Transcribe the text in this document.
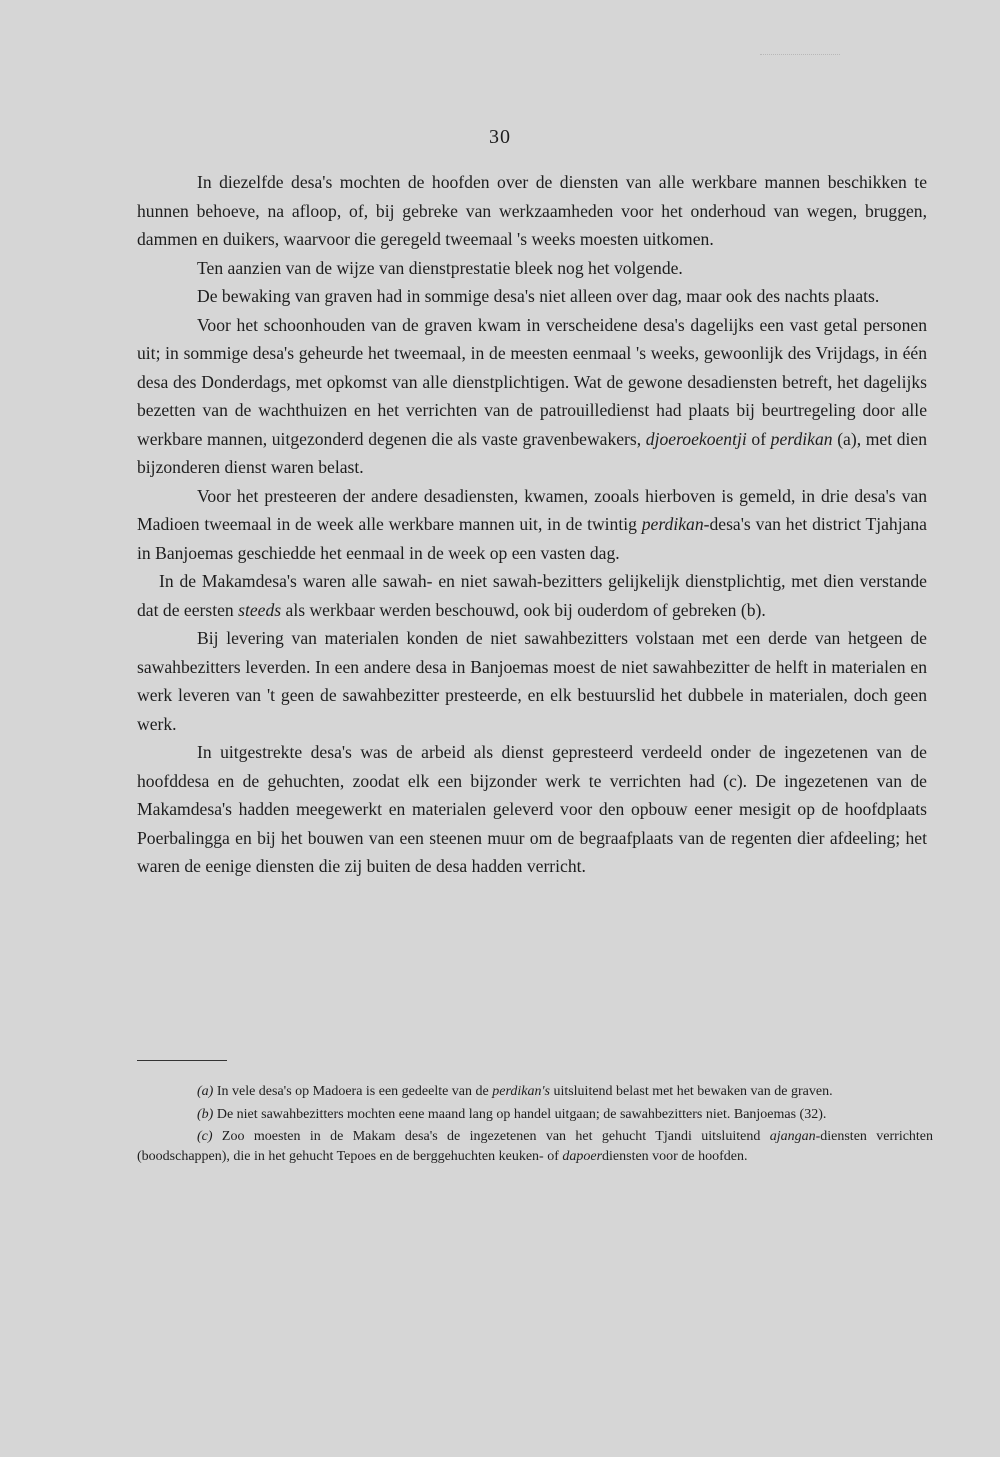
30

In diezelfde desa's mochten de hoofden over de diensten van alle werkbare mannen beschikken te hunnen behoeve, na afloop, of, bij gebreke van werkzaamheden voor het onderhoud van wegen, bruggen, dammen en duikers, waarvoor die geregeld tweemaal 's weeks moesten uitkomen.

Ten aanzien van de wijze van dienstprestatie bleek nog het volgende.

De bewaking van graven had in sommige desa's niet alleen over dag, maar ook des nachts plaats.

Voor het schoonhouden van de graven kwam in verscheidene desa's dagelijks een vast getal personen uit; in sommige desa's geheurde het tweemaal, in de meesten eenmaal 's weeks, gewoonlijk des Vrijdags, in één desa des Donderdags, met opkomst van alle dienstplichtigen. Wat de gewone desadiensten betreft, het dagelijks bezetten van de wachthuizen en het verrichten van de patrouilledienst had plaats bij beurtregeling door alle werkbare mannen, uitgezonderd degenen die als vaste gravenbewakers, djoeroekoentji of perdikan (a), met dien bijzonderen dienst waren belast.

Voor het presteeren der andere desadiensten, kwamen, zooals hierboven is gemeld, in drie desa's van Madioen tweemaal in de week alle werkbare mannen uit, in de twintig perdikan-desa's van het district Tjahjana in Banjoemas geschiedde het eenmaal in de week op een vasten dag.

In de Makamdesa's waren alle sawah- en niet sawah-bezitters gelijkelijk dienstplichtig, met dien verstande dat de eersten steeds als werkbaar werden beschouwd, ook bij ouderdom of gebreken (b).

Bij levering van materialen konden de niet sawahbezitters volstaan met een derde van hetgeen de sawahbezitters leverden. In een andere desa in Banjoemas moest de niet sawahbezitter de helft in materialen en werk leveren van 't geen de sawahbezitter presteerde, en elk bestuurslid het dubbele in materialen, doch geen werk.

In uitgestrekte desa's was de arbeid als dienst gepresteerd verdeeld onder de ingezetenen van de hoofddesa en de gehuchten, zoodat elk een bijzonder werk te verrichten had (c). De ingezetenen van de Makamdesa's hadden meegewerkt en materialen geleverd voor den opbouw eener mesigit op de hoofdplaats Poerbalingga en bij het bouwen van een steenen muur om de begraafplaats van de regenten dier afdeeling; het waren de eenige diensten die zij buiten de desa hadden verricht.

(a) In vele desa's op Madoera is een gedeelte van de perdikan's uitsluitend belast met het bewaken van de graven.

(b) De niet sawahbezitters mochten eene maand lang op handel uitgaan; de sawahbezitters niet. Banjoemas (32).

(c) Zoo moesten in de Makam desa's de ingezetenen van het gehucht Tjandi uitsluitend ajangan-diensten verrichten (boodschappen), die in het gehucht Tepoes en de berggehuchten keuken- of dapoerdiensten voor de hoofden.
